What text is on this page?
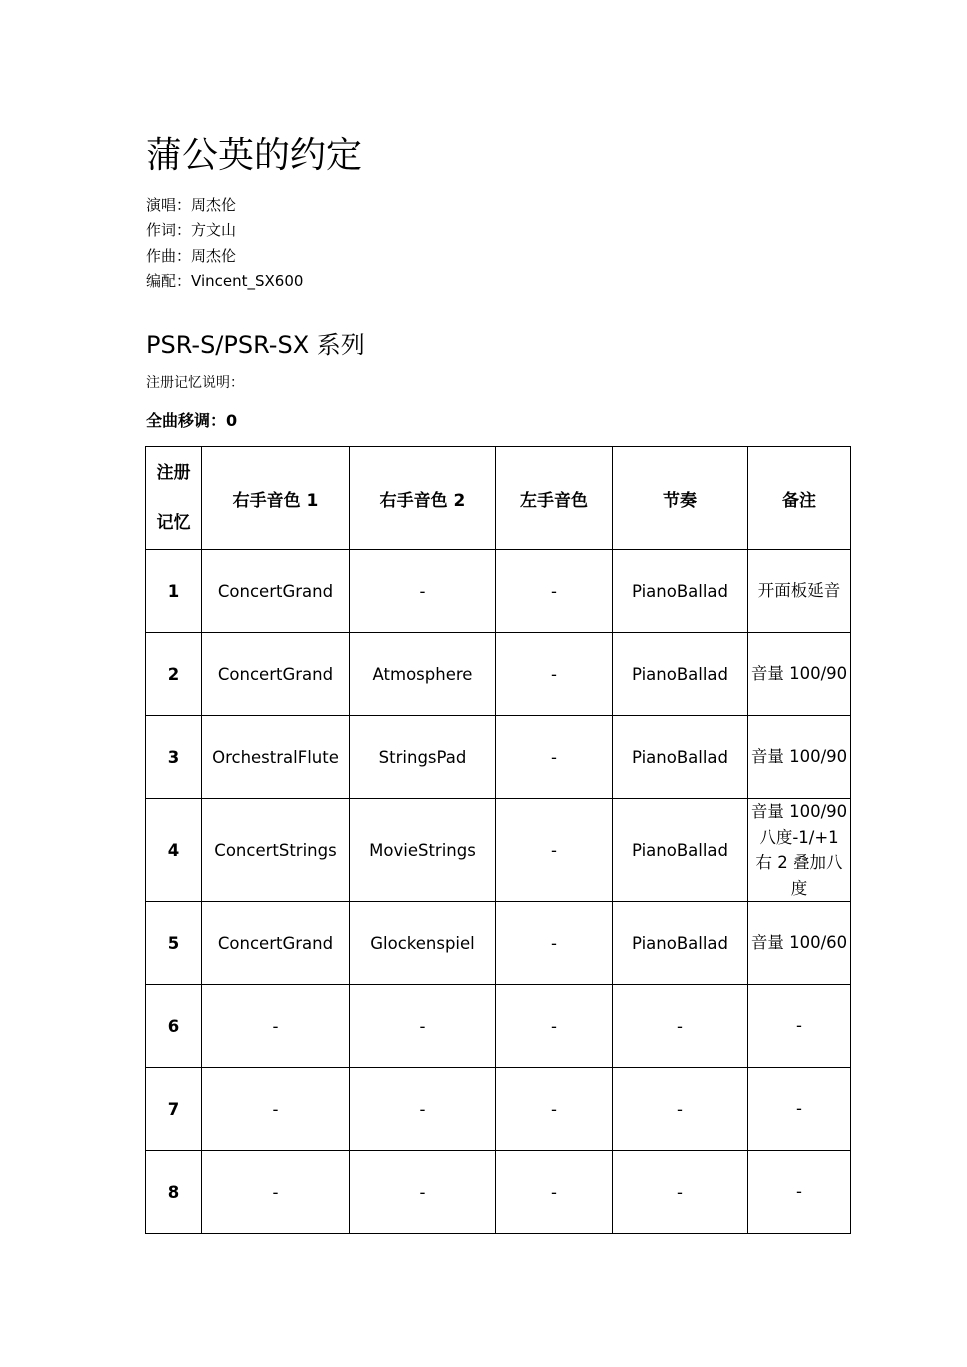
蒲公英的约定
演唱：周杰伦
作词：方文山
作曲：周杰伦
编配：Vincent_SX600
PSR-S/PSR-SX 系列
注册记忆说明：
全曲移调：0
注册
记忆	右手音色 1	右手音色 2	左手音色	节奏	备注
1	ConcertGrand	-	-	PianoBallad	开面板延音

2	ConcertGrand	Atmosphere	-	PianoBallad	音量 100/90

3	OrchestralFlute	StringsPad	-	PianoBallad	音量 100/90

4	ConcertStrings	MovieStrings	-	PianoBallad	音量 100/90
八度-1/+1
右 2 叠加八度

5	ConcertGrand	Glockenspiel	-	PianoBallad	音量 100/60

6	-	-	-	-	-

7	-	-	-	-	-

8	-	-	-	-	-
